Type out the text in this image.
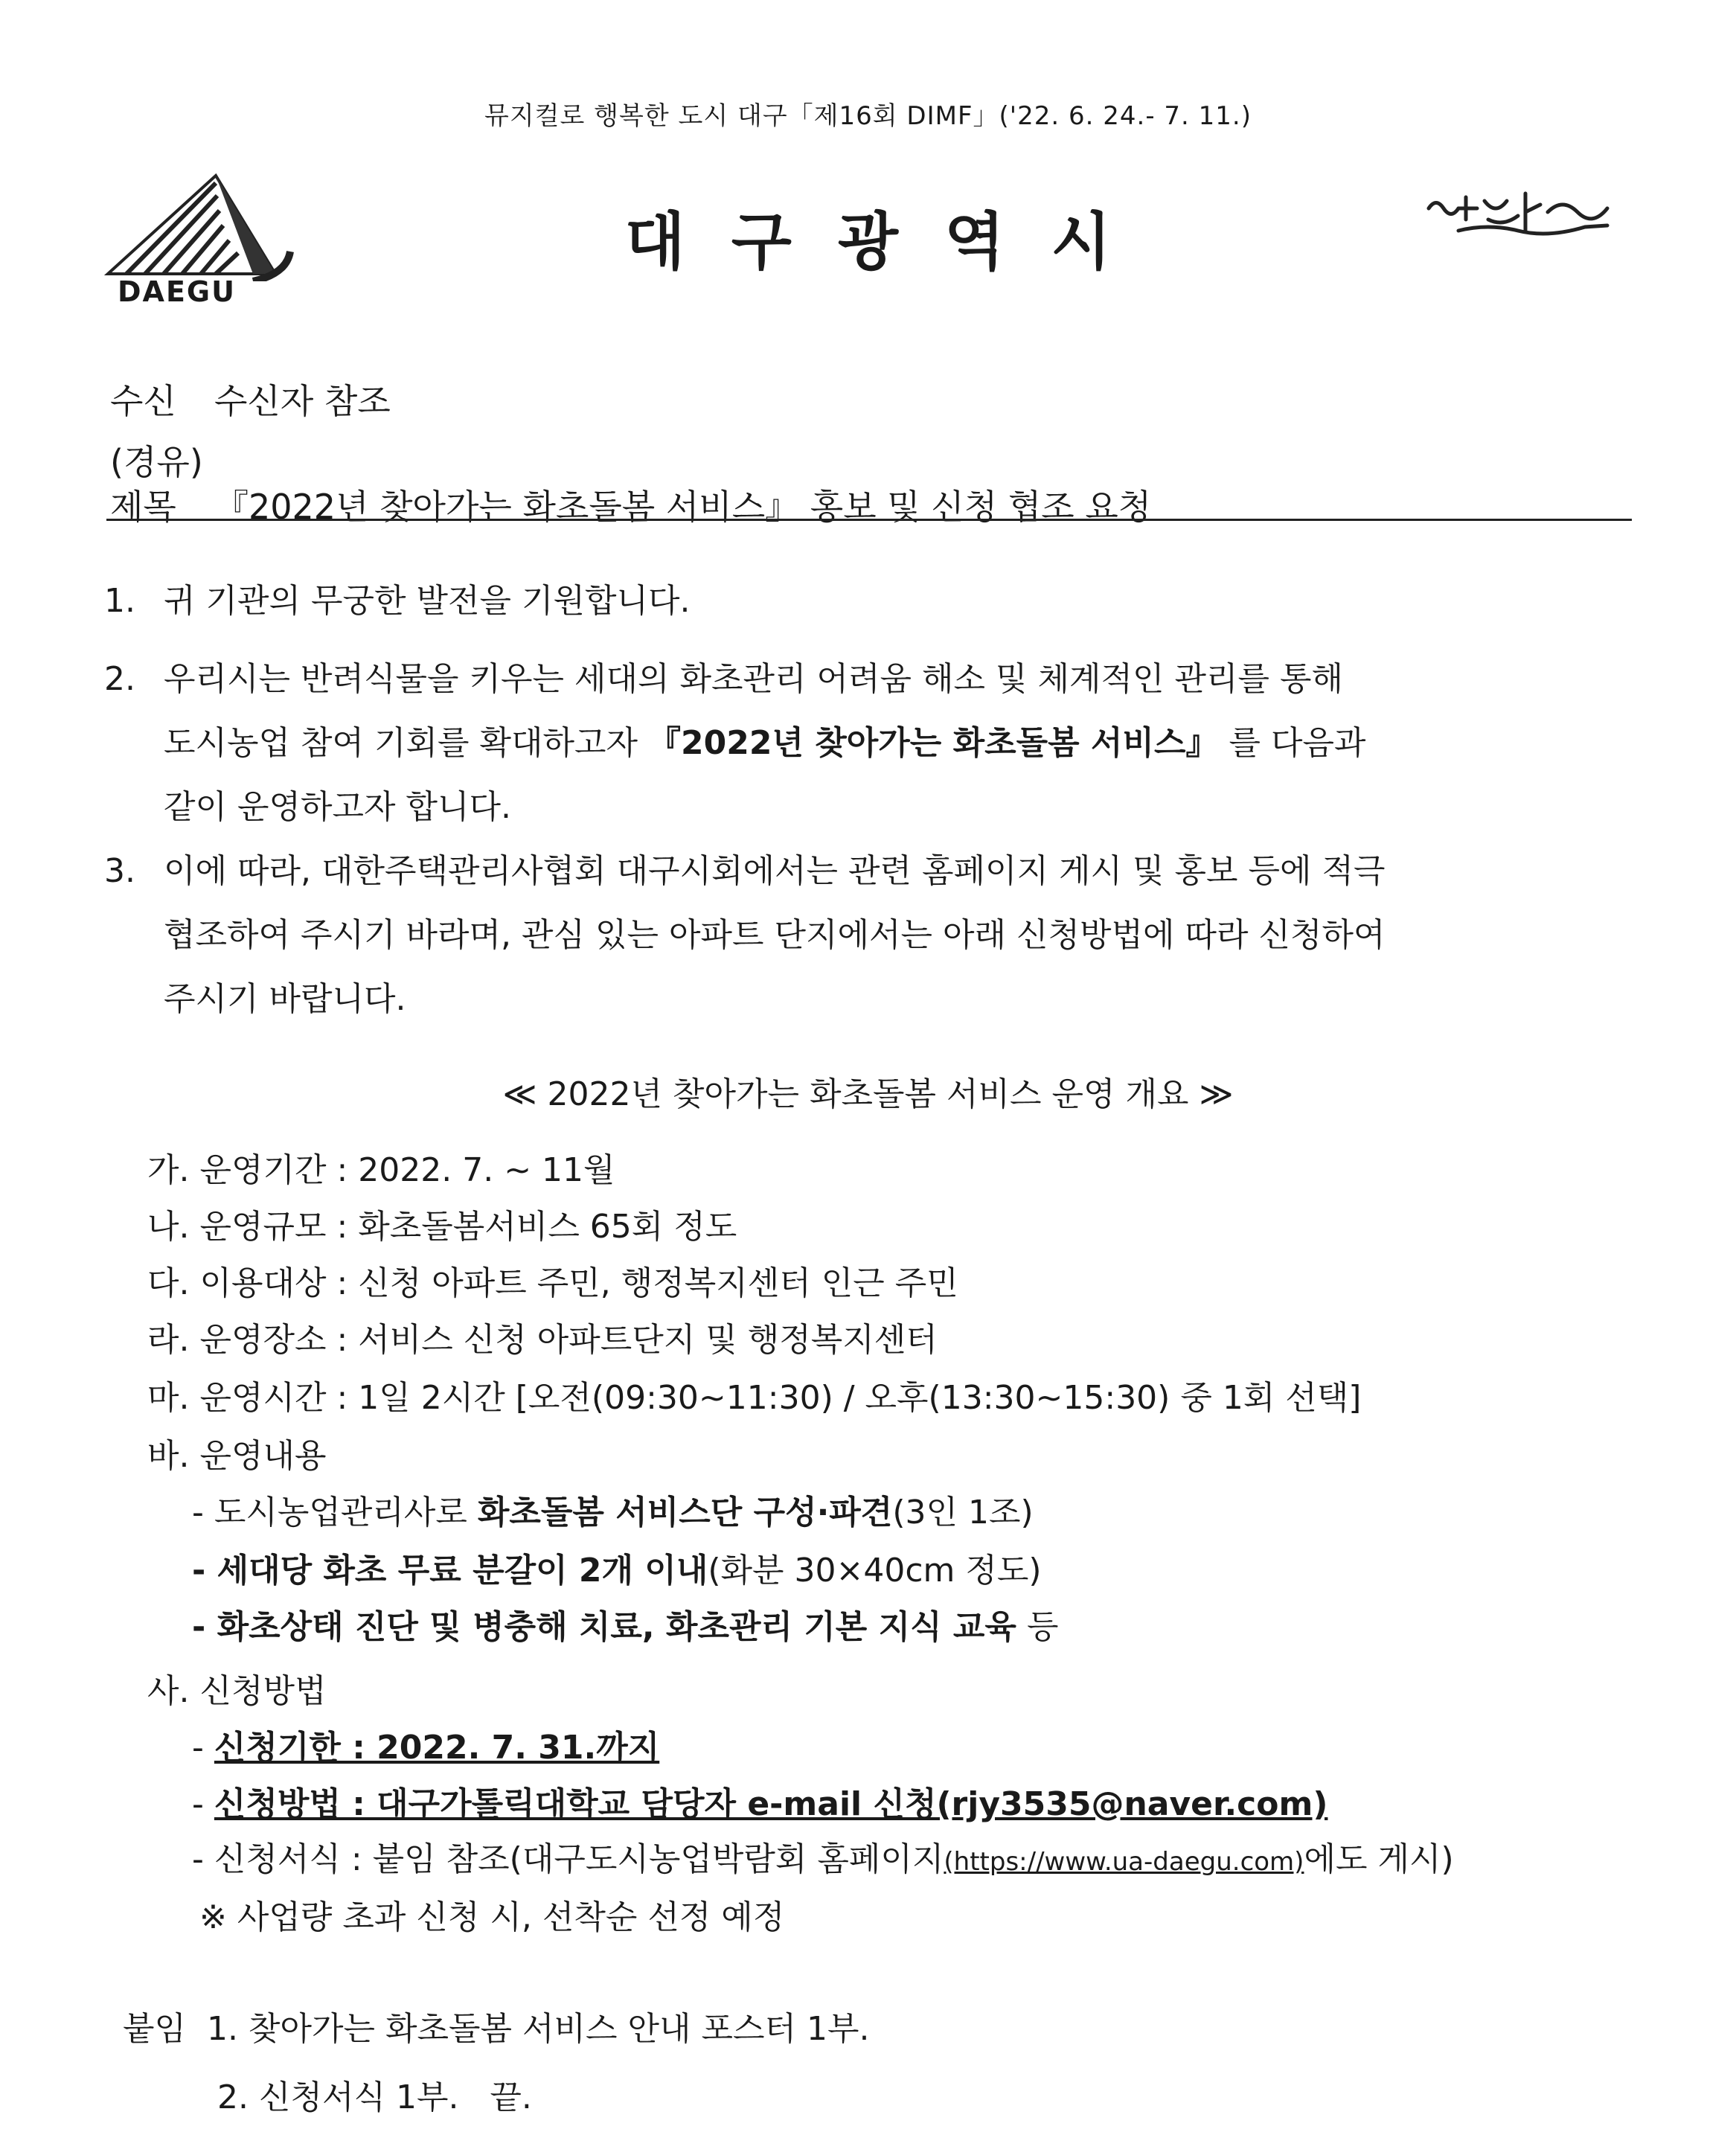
뮤지컬로 행복한 도시 대구「제16회 DIMF」('22. 6. 24.- 7. 11.)
DAEGU
대구광역시
수신 수신자 참조
(경유)
제목 『2022년 찾아가는 화초돌봄 서비스』 홍보 및 신청 협조 요청
1. 귀 기관의 무궁한 발전을 기원합니다.
2. 우리시는 반려식물을 키우는 세대의 화초관리 어려움 해소 및 체계적인 관리를 통해
도시농업 참여 기회를 확대하고자 『2022년 찾아가는 화초돌봄 서비스』 를 다음과
같이 운영하고자 합니다.
3. 이에 따라, 대한주택관리사협회 대구시회에서는 관련 홈페이지 게시 및 홍보 등에 적극
협조하여 주시기 바라며, 관심 있는 아파트 단지에서는 아래 신청방법에 따라 신청하여
주시기 바랍니다.
≪ 2022년 찾아가는 화초돌봄 서비스 운영 개요 ≫
가. 운영기간 : 2022. 7. ~ 11월
나. 운영규모 : 화초돌봄서비스 65회 정도
다. 이용대상 : 신청 아파트 주민, 행정복지센터 인근 주민
라. 운영장소 : 서비스 신청 아파트단지 및 행정복지센터
마. 운영시간 : 1일 2시간 [오전(09:30~11:30) / 오후(13:30~15:30) 중 1회 선택]
바. 운영내용
- 도시농업관리사로 화초돌봄 서비스단 구성·파견(3인 1조)
- 세대당 화초 무료 분갈이 2개 이내(화분 30×40cm 정도)
- 화초상태 진단 및 병충해 치료, 화초관리 기본 지식 교육 등
사. 신청방법
- 신청기한 : 2022. 7. 31.까지
- 신청방법 : 대구가톨릭대학교 담당자 e-mail 신청(rjy3535@naver.com)
- 신청서식 : 붙임 참조(대구도시농업박람회 홈페이지(https://www.ua-daegu.com)에도 게시)
※ 사업량 초과 신청 시, 선착순 선정 예정
붙임 1. 찾아가는 화초돌봄 서비스 안내 포스터 1부.
2. 신청서식 1부. 끝.
